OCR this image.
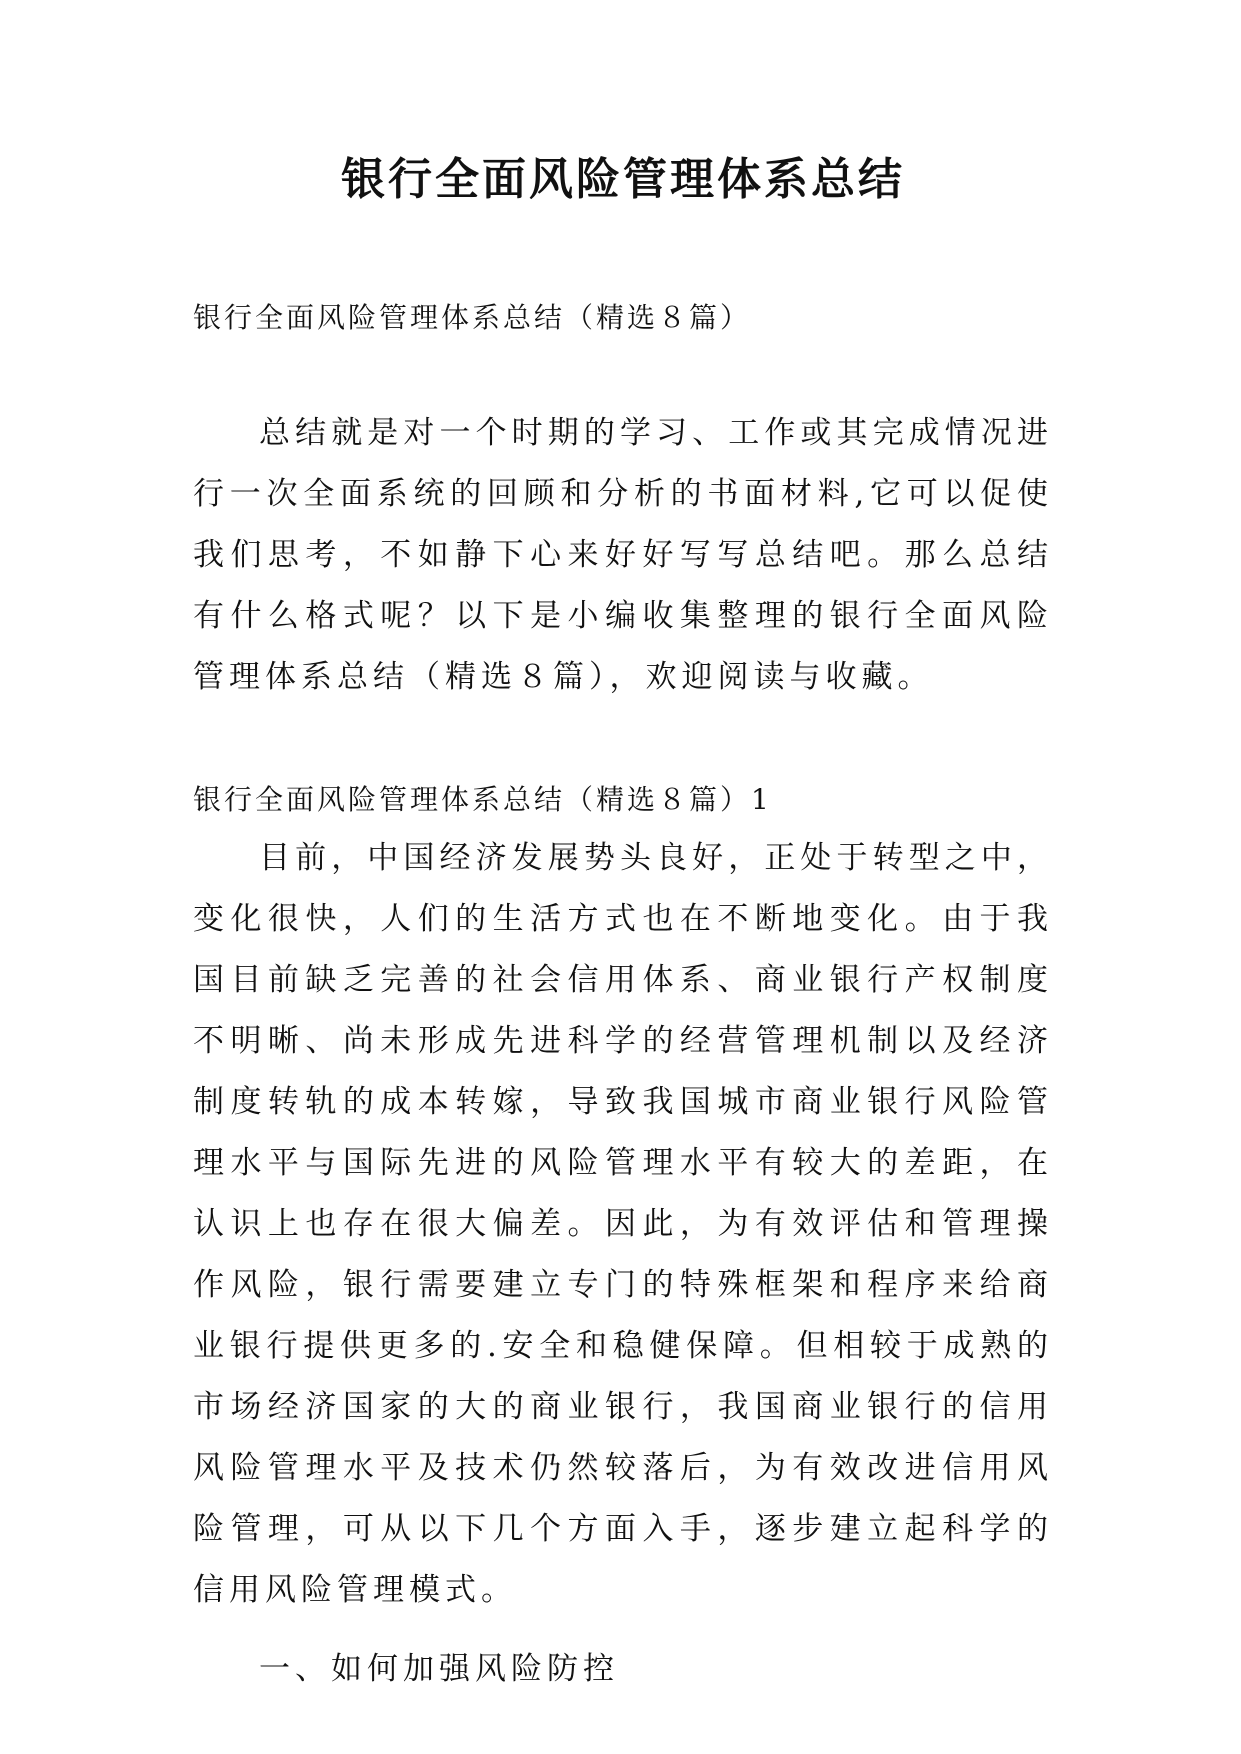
银行全面风险管理体系总结

银行全面风险管理体系总结（精选８篇）

总结就是对一个时期的学习、工作或其完成情况进行一次全面系统的回顾和分析的书面材料,它可以促使我们思考，不如静下心来好好写写总结吧。那么总结有什么格式呢？以下是小编收集整理的银行全面风险管理体系总结（精选８篇），欢迎阅读与收藏。

银行全面风险管理体系总结（精选８篇）1

目前，中国经济发展势头良好，正处于转型之中，变化很快，人们的生活方式也在不断地变化。由于我国目前缺乏完善的社会信用体系、商业银行产权制度不明晰、尚未形成先进科学的经营管理机制以及经济制度转轨的成本转嫁，导致我国城市商业银行风险管理水平与国际先进的风险管理水平有较大的差距，在认识上也存在很大偏差。因此，为有效评估和管理操作风险，银行需要建立专门的特殊框架和程序来给商业银行提供更多的.安全和稳健保障。但相较于成熟的市场经济国家的大的商业银行，我国商业银行的信用风险管理水平及技术仍然较落后，为有效改进信用风险管理，可从以下几个方面入手，逐步建立起科学的信用风险管理模式。

一、如何加强风险防控
